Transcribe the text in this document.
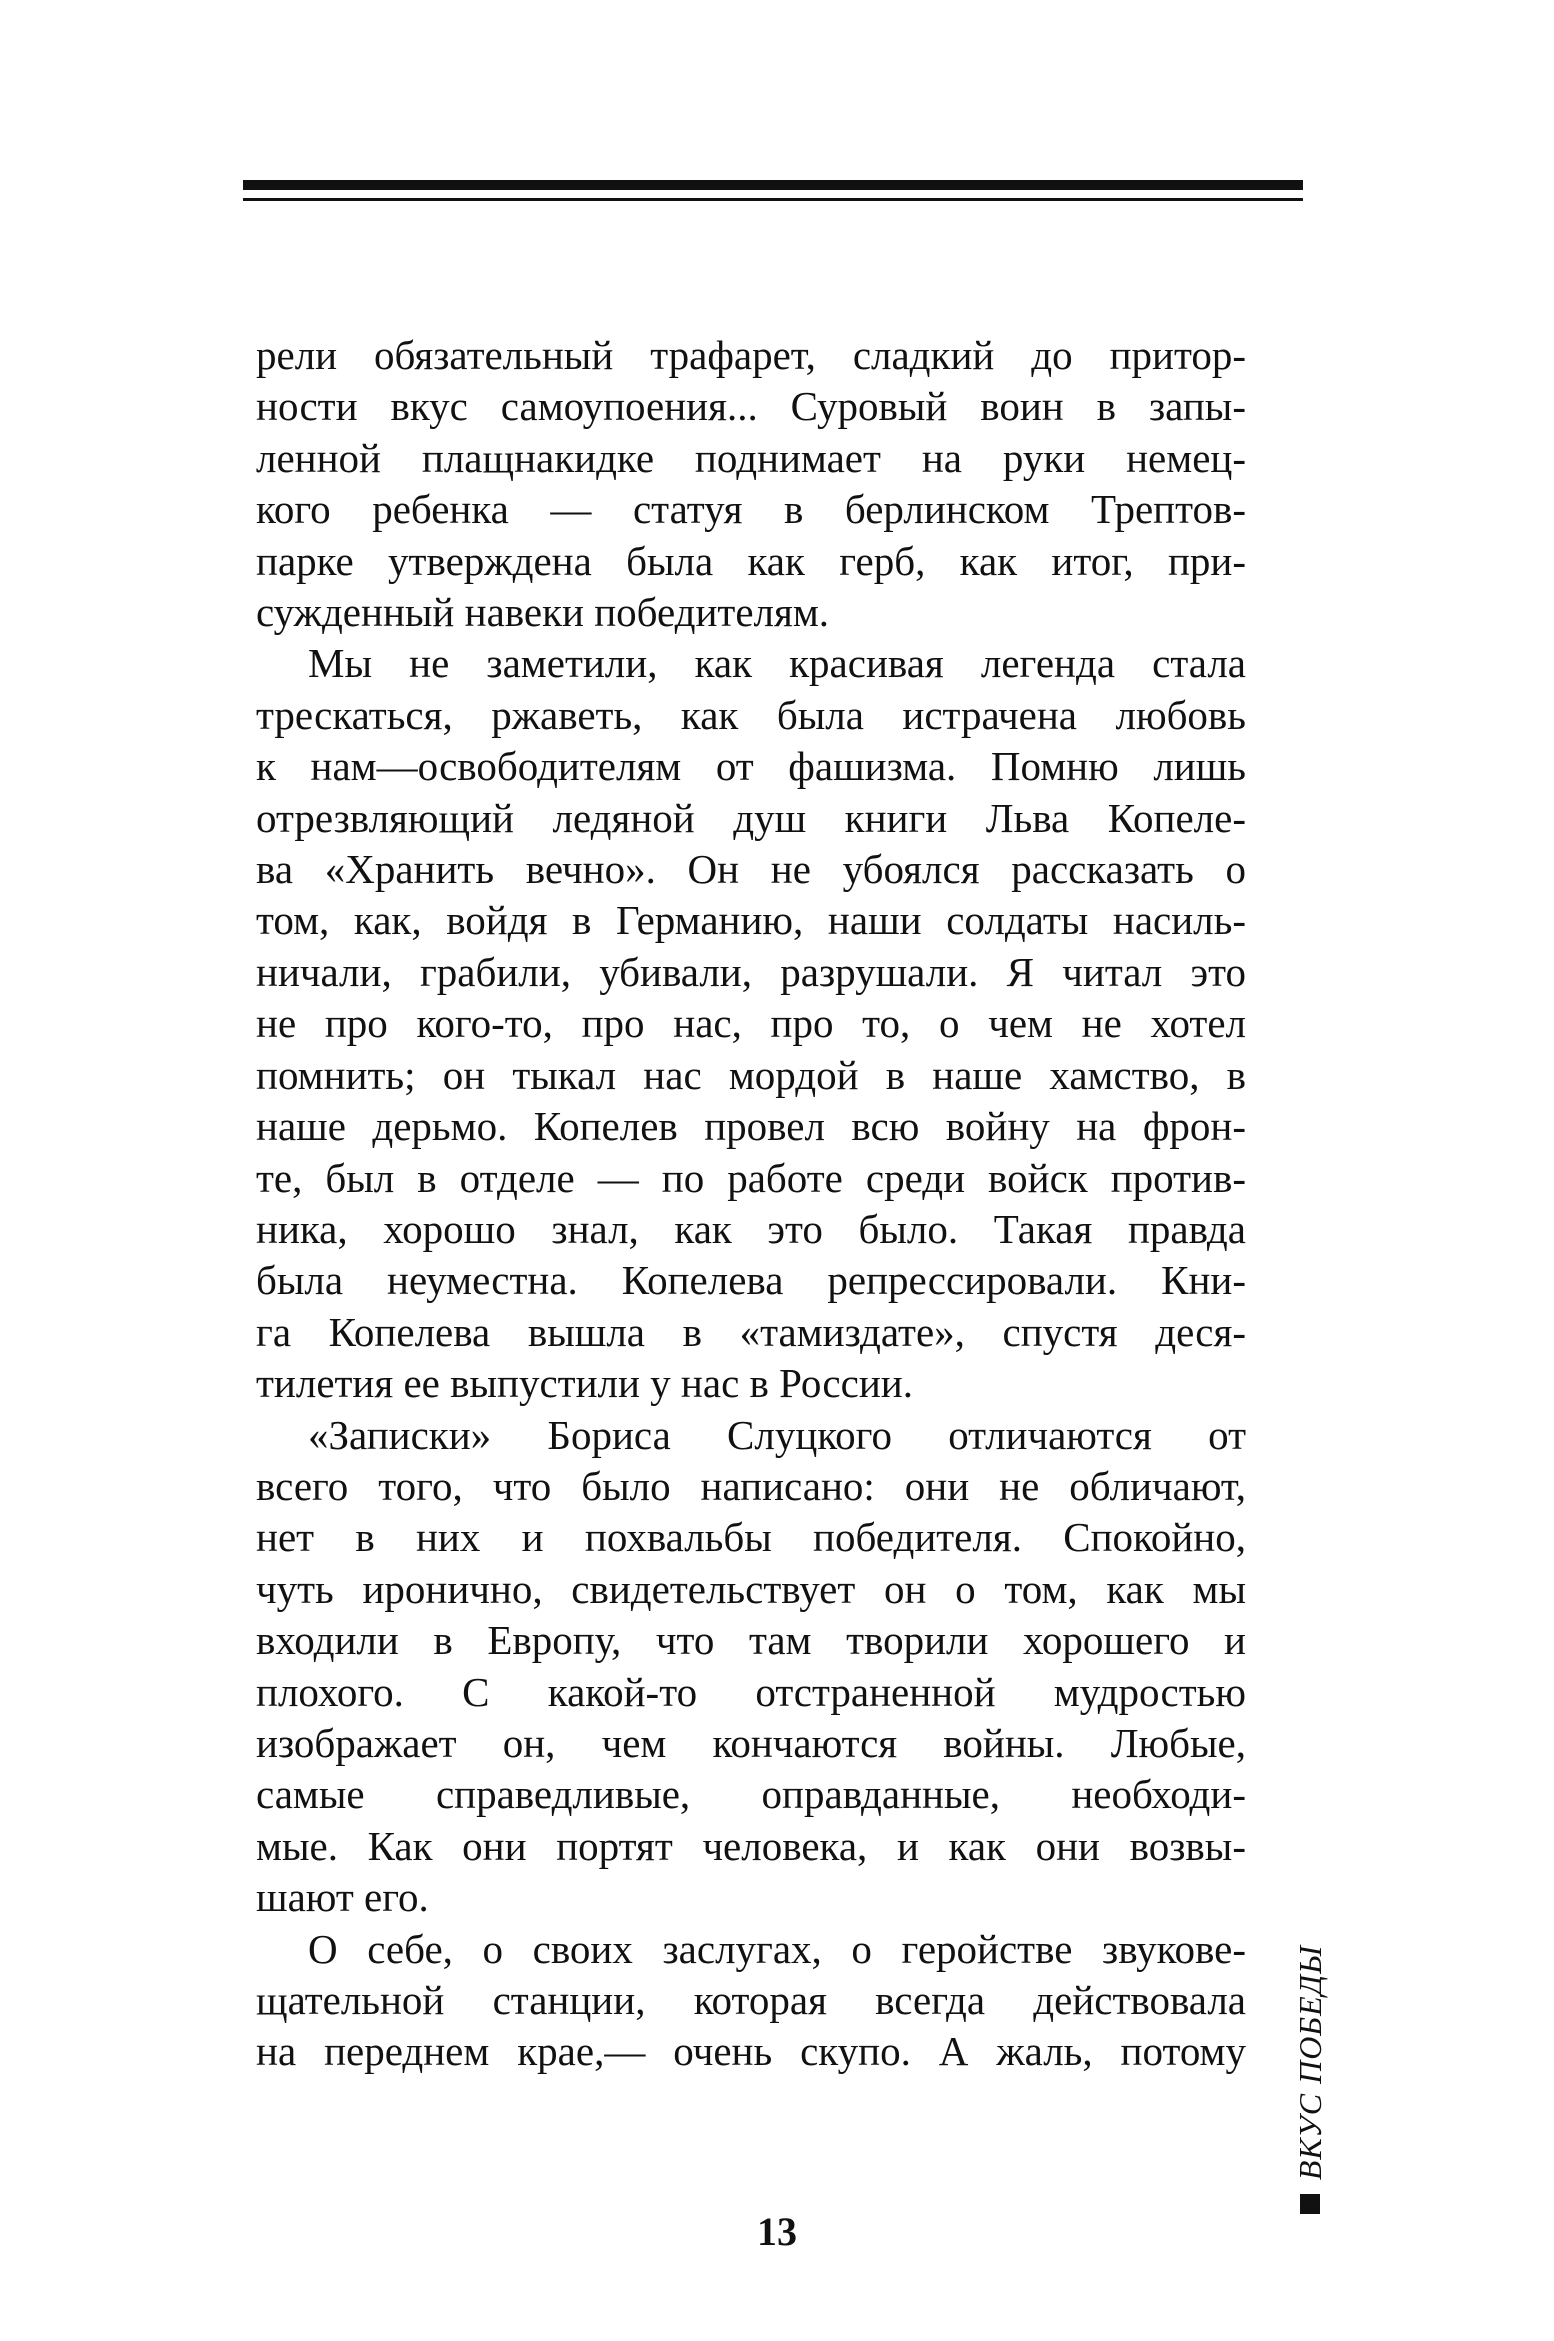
рели обязательный трафарет, сладкий до притор-
ности вкус самоупоения... Суровый воин в запы-
ленной плащнакидке поднимает на руки немец-
кого ребенка — статуя в берлинском Трептов-
парке утверждена была как герб, как итог, при-
сужденный навеки победителям.
Мы не заметили, как красивая легенда стала
трескаться, ржаветь, как была истрачена любовь
к нам—освободителям от фашизма. Помню лишь
отрезвляющий ледяной душ книги Льва Копеле-
ва «Хранить вечно». Он не убоялся рассказать о
том, как, войдя в Германию, наши солдаты насиль-
ничали, грабили, убивали, разрушали. Я читал это
не про кого-то, про нас, про то, о чем не хотел
помнить; он тыкал нас мордой в наше хамство, в
наше дерьмо. Копелев провел всю войну на фрон-
те, был в отделе — по работе среди войск против-
ника, хорошо знал, как это было. Такая правда
была неуместна. Копелева репрессировали. Кни-
га Копелева вышла в «тамиздате», спустя деся-
тилетия ее выпустили у нас в России.
«Записки» Бориса Слуцкого отличаются от
всего того, что было написано: они не обличают,
нет в них и похвальбы победителя. Спокойно,
чуть иронично, свидетельствует он о том, как мы
входили в Европу, что там творили хорошего и
плохого. С какой-то отстраненной мудростью
изображает он, чем кончаются войны. Любые,
самые справедливые, оправданные, необходи-
мые. Как они портят человека, и как они возвы-
шают его.
О себе, о своих заслугах, о геройстве звукове-
щательной станции, которая всегда действовала
на переднем крае,— очень скупо. А жаль, потому ВКУС ПОБЕДЫ
13
